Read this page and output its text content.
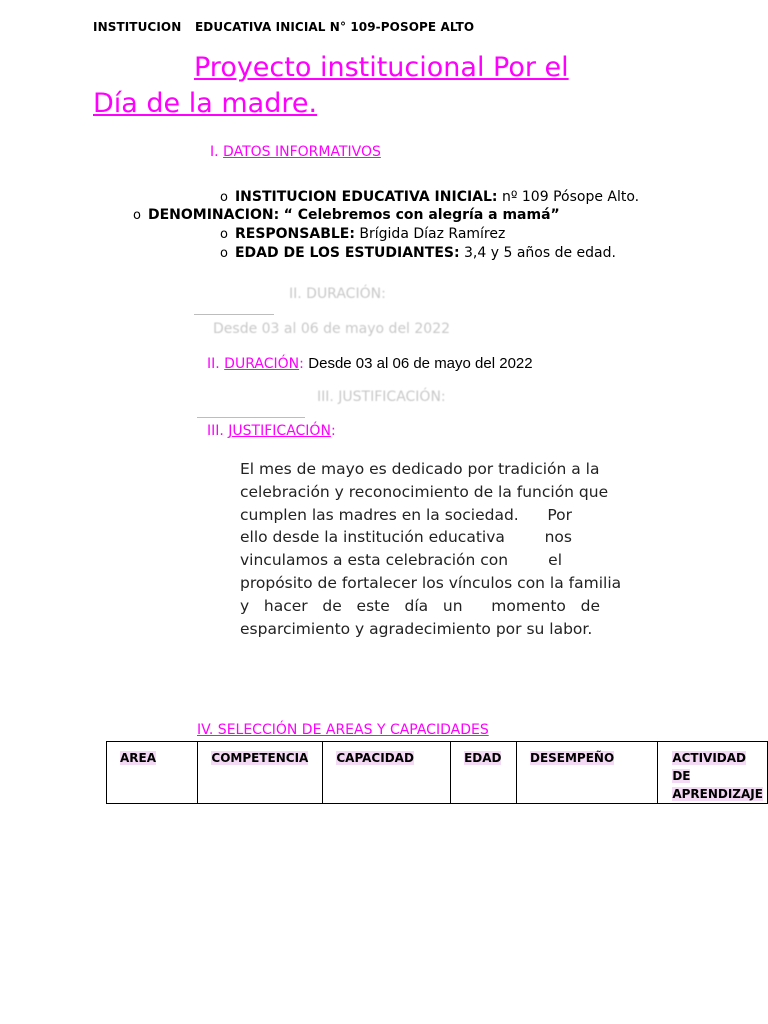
INSTITUCION EDUCATIVA INICIAL N° 109-POSOPE ALTO
Proyecto institucional Por el
Día de la madre.
I. DATOS INFORMATIVOS
o INSTITUCION EDUCATIVA INICIAL: nº 109 Pósope Alto.
o DENOMINACION: “ Celebremos con alegría a mamá”
o RESPONSABLE: Brígida Díaz Ramírez
o EDAD DE LOS ESTUDIANTES: 3,4 y 5 años de edad.
II. DURACIÓN:
Desde 03 al 06 de mayo del 2022
II. DURACIÓN: Desde 03 al 06 de mayo del 2022
III. JUSTIFICACIÓN:
III. JUSTIFICACIÓN:
El mes de mayo es dedicado por tradición a la
celebración y reconocimiento de la función que
cumplen las madres en la sociedad. Por
ello desde la institución educativa	nos
vinculamos a esta celebración con	el
propósito de fortalecer los vínculos con la familia
y hacer de este día un momento de
esparcimiento y agradecimiento por su labor.
IV. SELECCIÓN DE AREAS Y CAPACIDADES
AREA	COMPETENCIA	CAPACIDAD	EDAD	DESEMPEÑO	ACTIVIDAD DE APRENDIZAJE
